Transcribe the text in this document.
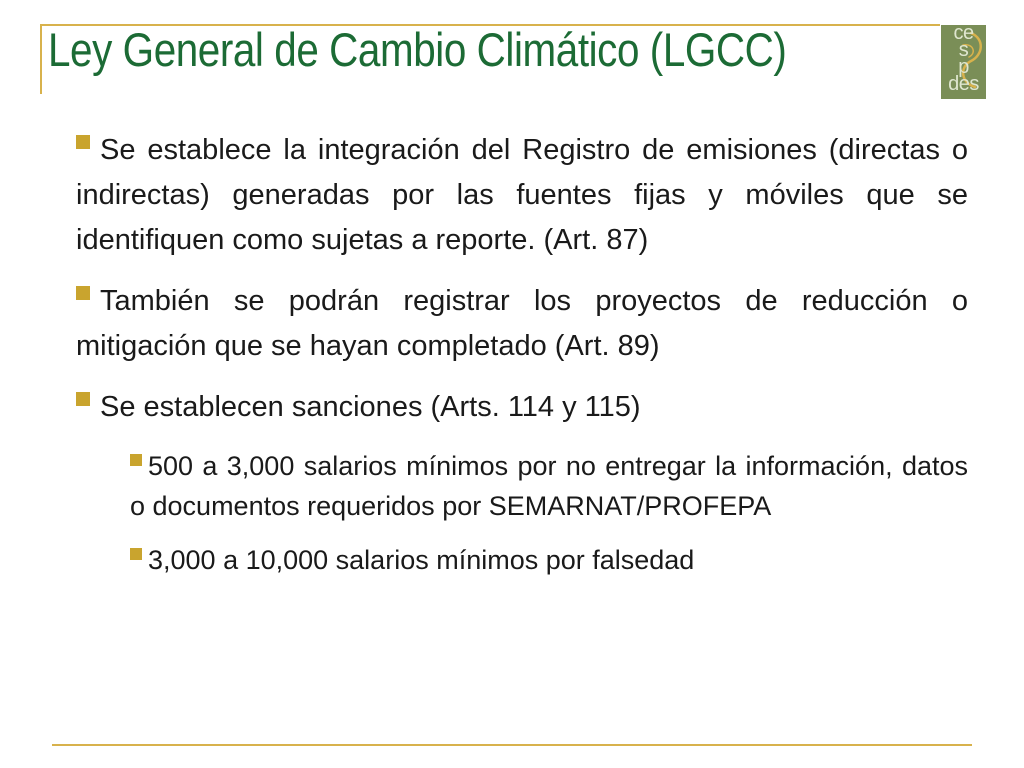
Ley General de Cambio Climático (LGCC)	ce
s
p
des

Se establece la integración del Registro de emisiones (directas o indirectas) generadas por las fuentes fijas y móviles que se identifiquen como sujetas a reporte. (Art. 87)

También se podrán registrar los proyectos de reducción o mitigación que se hayan completado (Art. 89)

Se establecen sanciones (Arts. 114 y 115)

500 a 3,000 salarios mínimos por no entregar la información, datos o documentos requeridos por SEMARNAT/PROFEPA

3,000 a 10,000 salarios mínimos por falsedad
